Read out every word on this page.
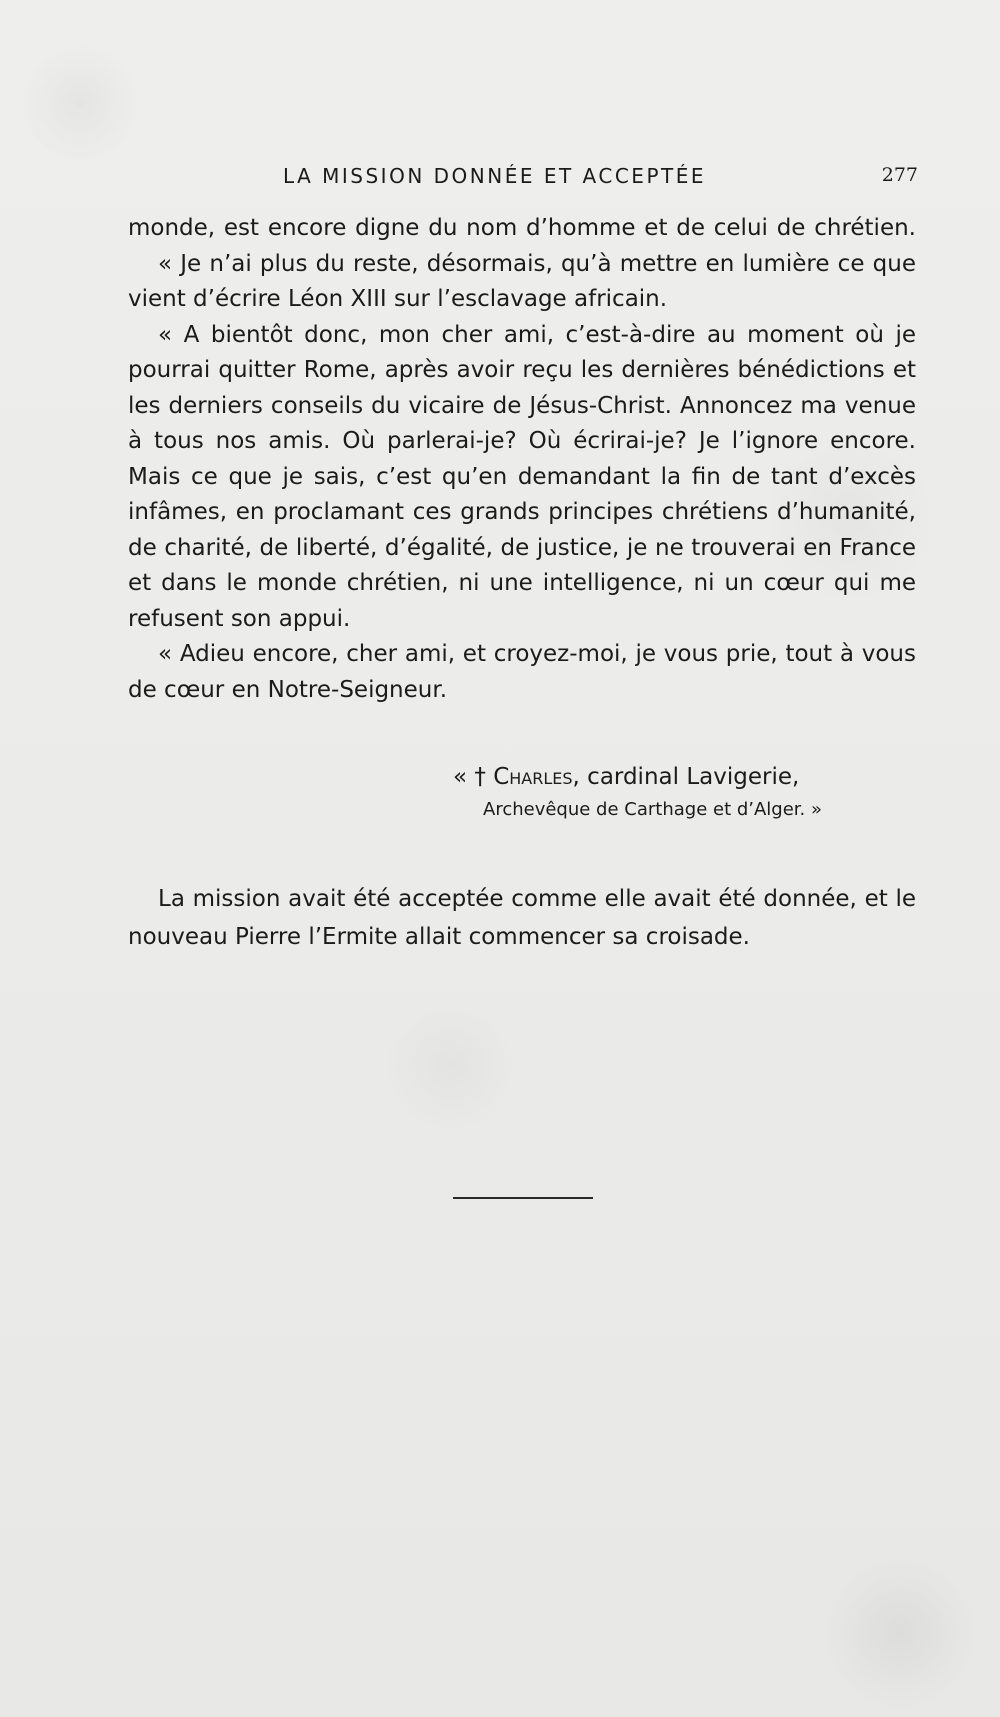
LA MISSION DONNÉE ET ACCEPTÉE	277
monde, est encore digne du nom d’homme et de celui de chrétien.
« Je n’ai plus du reste, désormais, qu’à mettre en lumière ce que
vient d’écrire Léon XIII sur l’esclavage africain.
« A bientôt donc, mon cher ami, c’est-à-dire au moment où je
pourrai quitter Rome, après avoir reçu les dernières bénédictions et
les derniers conseils du vicaire de Jésus-Christ. Annoncez ma venue
à tous nos amis. Où parlerai-je? Où écrirai-je? Je l’ignore encore.
Mais ce que je sais, c’est qu’en demandant la fin de tant d’excès
infâmes, en proclamant ces grands principes chrétiens d’humanité,
de charité, de liberté, d’égalité, de justice, je ne trouverai en France
et dans le monde chrétien, ni une intelligence, ni un cœur qui me
refusent son appui.
« Adieu encore, cher ami, et croyez-moi, je vous prie, tout à vous
de cœur en Notre-Seigneur.
« † Charles, cardinal Lavigerie,
Archevêque de Carthage et d’Alger. »
La mission avait été acceptée comme elle avait été donnée, et le
nouveau Pierre l’Ermite allait commencer sa croisade.
